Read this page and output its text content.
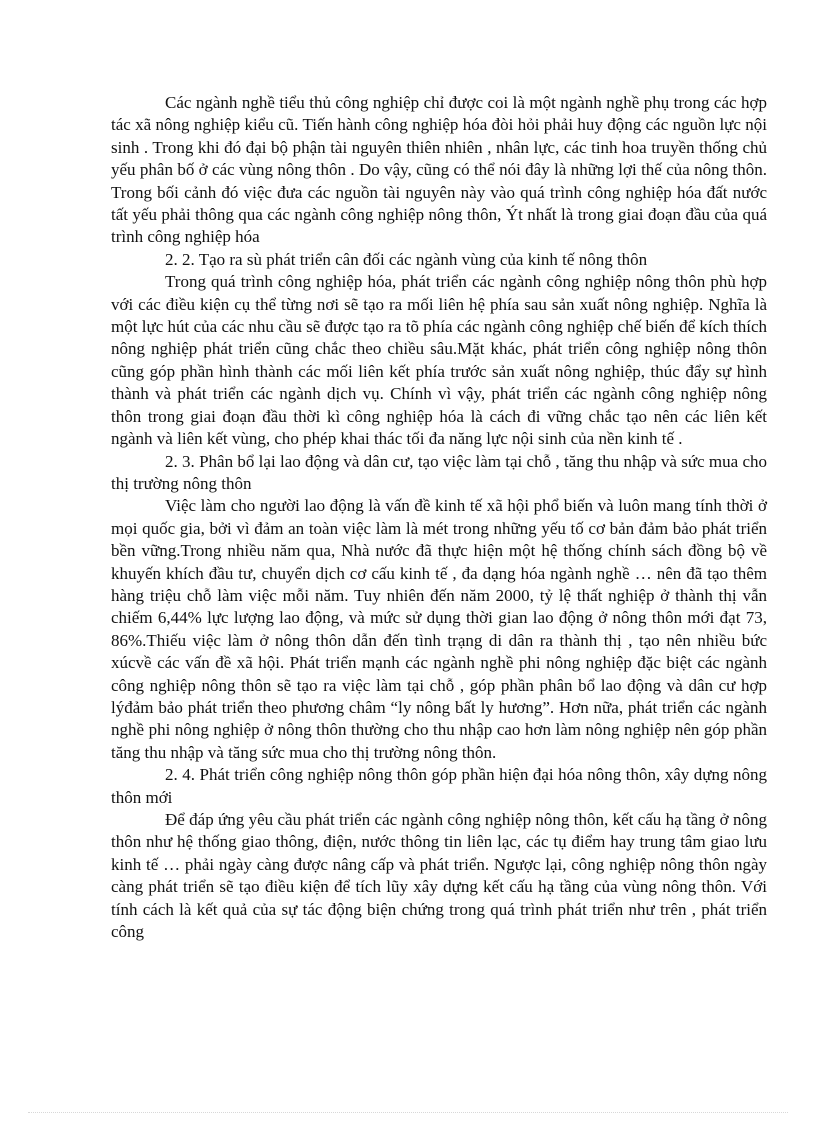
Các ngành nghề tiểu thủ công nghiệp chỉ được coi là một ngành nghề phụ trong các hợp tác xã nông nghiệp kiểu cũ. Tiến hành công nghiệp hóa đòi hỏi phải huy động các nguồn lực nội sinh . Trong khi đó đại bộ phận tài nguyên thiên nhiên , nhân lực, các tinh hoa truyền thống chủ yếu phân bố ở các vùng nông thôn . Do vậy, cũng có thể nói đây là những lợi thế của nông thôn. Trong bối cảnh đó việc đưa các nguồn tài nguyên này vào quá trình công nghiệp hóa đất nước tất yếu phải thông qua các ngành công nghiệp nông thôn, Ýt nhất là trong giai đoạn đầu của quá trình công nghiệp hóa

2. 2. Tạo ra sù phát triển cân đối các ngành vùng của kinh tế nông thôn

Trong quá trình công nghiệp hóa, phát triển các ngành công nghiệp nông thôn phù hợp với các điều kiện cụ thể từng nơi sẽ tạo ra mối liên hệ phía sau sản xuất nông nghiệp. Nghĩa là một lực hút của các nhu cầu sẽ được tạo ra tõ phía các ngành công nghiệp chế biến để kích thích nông nghiệp phát triển cũng chắc theo chiều sâu.Mặt khác, phát triển công nghiệp nông thôn cũng góp phần hình thành các mối liên kết phía trước sản xuất nông nghiệp, thúc đẩy sự hình thành và phát triển các ngành dịch vụ. Chính vì vậy, phát triển các ngành công nghiệp nông thôn trong giai đoạn đầu thời kì công nghiệp hóa là cách đi vững chắc tạo nên các liên kết ngành và liên kết vùng, cho phép khai thác tối đa năng lực nội sinh của nền kinh tế .

2. 3. Phân bổ lại lao động và dân cư, tạo việc làm tại chỗ , tăng thu nhập và sức mua cho thị trường nông thôn

Việc làm cho người lao động là vấn đề kinh tế xã hội phổ biến và luôn mang tính thời ở mọi quốc gia, bởi vì đảm an toàn việc làm là mét trong những yếu tố cơ bản đảm bảo phát triển bền vững.Trong nhiều năm qua, Nhà nước đã thực hiện một hệ thống chính sách đồng bộ về khuyến khích đầu tư, chuyển dịch cơ cấu kinh tế , đa dạng hóa ngành nghề … nên đã tạo thêm hàng triệu chỗ làm việc mỗi năm. Tuy nhiên đến năm 2000, tỷ lệ thất nghiệp ở thành thị vẫn chiếm 6,44% lực lượng lao động, và mức sử dụng thời gian lao động ở nông thôn mới đạt 73, 86%.Thiếu việc làm ở nông thôn dẫn đến tình trạng di dân ra thành thị , tạo nên nhiều bức xúcvề các vấn đề xã hội. Phát triển mạnh các ngành nghề phi nông nghiệp đặc biệt các ngành công nghiệp nông thôn sẽ tạo ra việc làm tại chỗ , góp phần phân bổ lao động và dân cư hợp lýđảm bảo phát triển theo phương châm “ly nông bất ly hương”. Hơn nữa, phát triển các ngành nghề phi nông nghiệp ở nông thôn thường cho thu nhập cao hơn làm nông nghiệp nên góp phần tăng thu nhập và tăng sức mua cho thị trường nông thôn.

2. 4. Phát triển công nghiệp nông thôn góp phần hiện đại hóa nông thôn, xây dựng nông thôn mới

Để đáp ứng yêu cầu phát triển các ngành công nghiệp nông thôn, kết cấu hạ tầng ở nông thôn như hệ thống giao thông, điện, nước thông tin liên lạc, các tụ điểm hay trung tâm giao lưu kinh tế … phải ngày càng được nâng cấp và phát triển. Ngược lại, công nghiệp nông thôn ngày càng phát triển sẽ tạo điều kiện để tích lũy xây dựng kết cấu hạ tầng của vùng nông thôn. Với tính cách là kết quả của sự tác động biện chứng trong quá trình phát triển như trên , phát triển công
